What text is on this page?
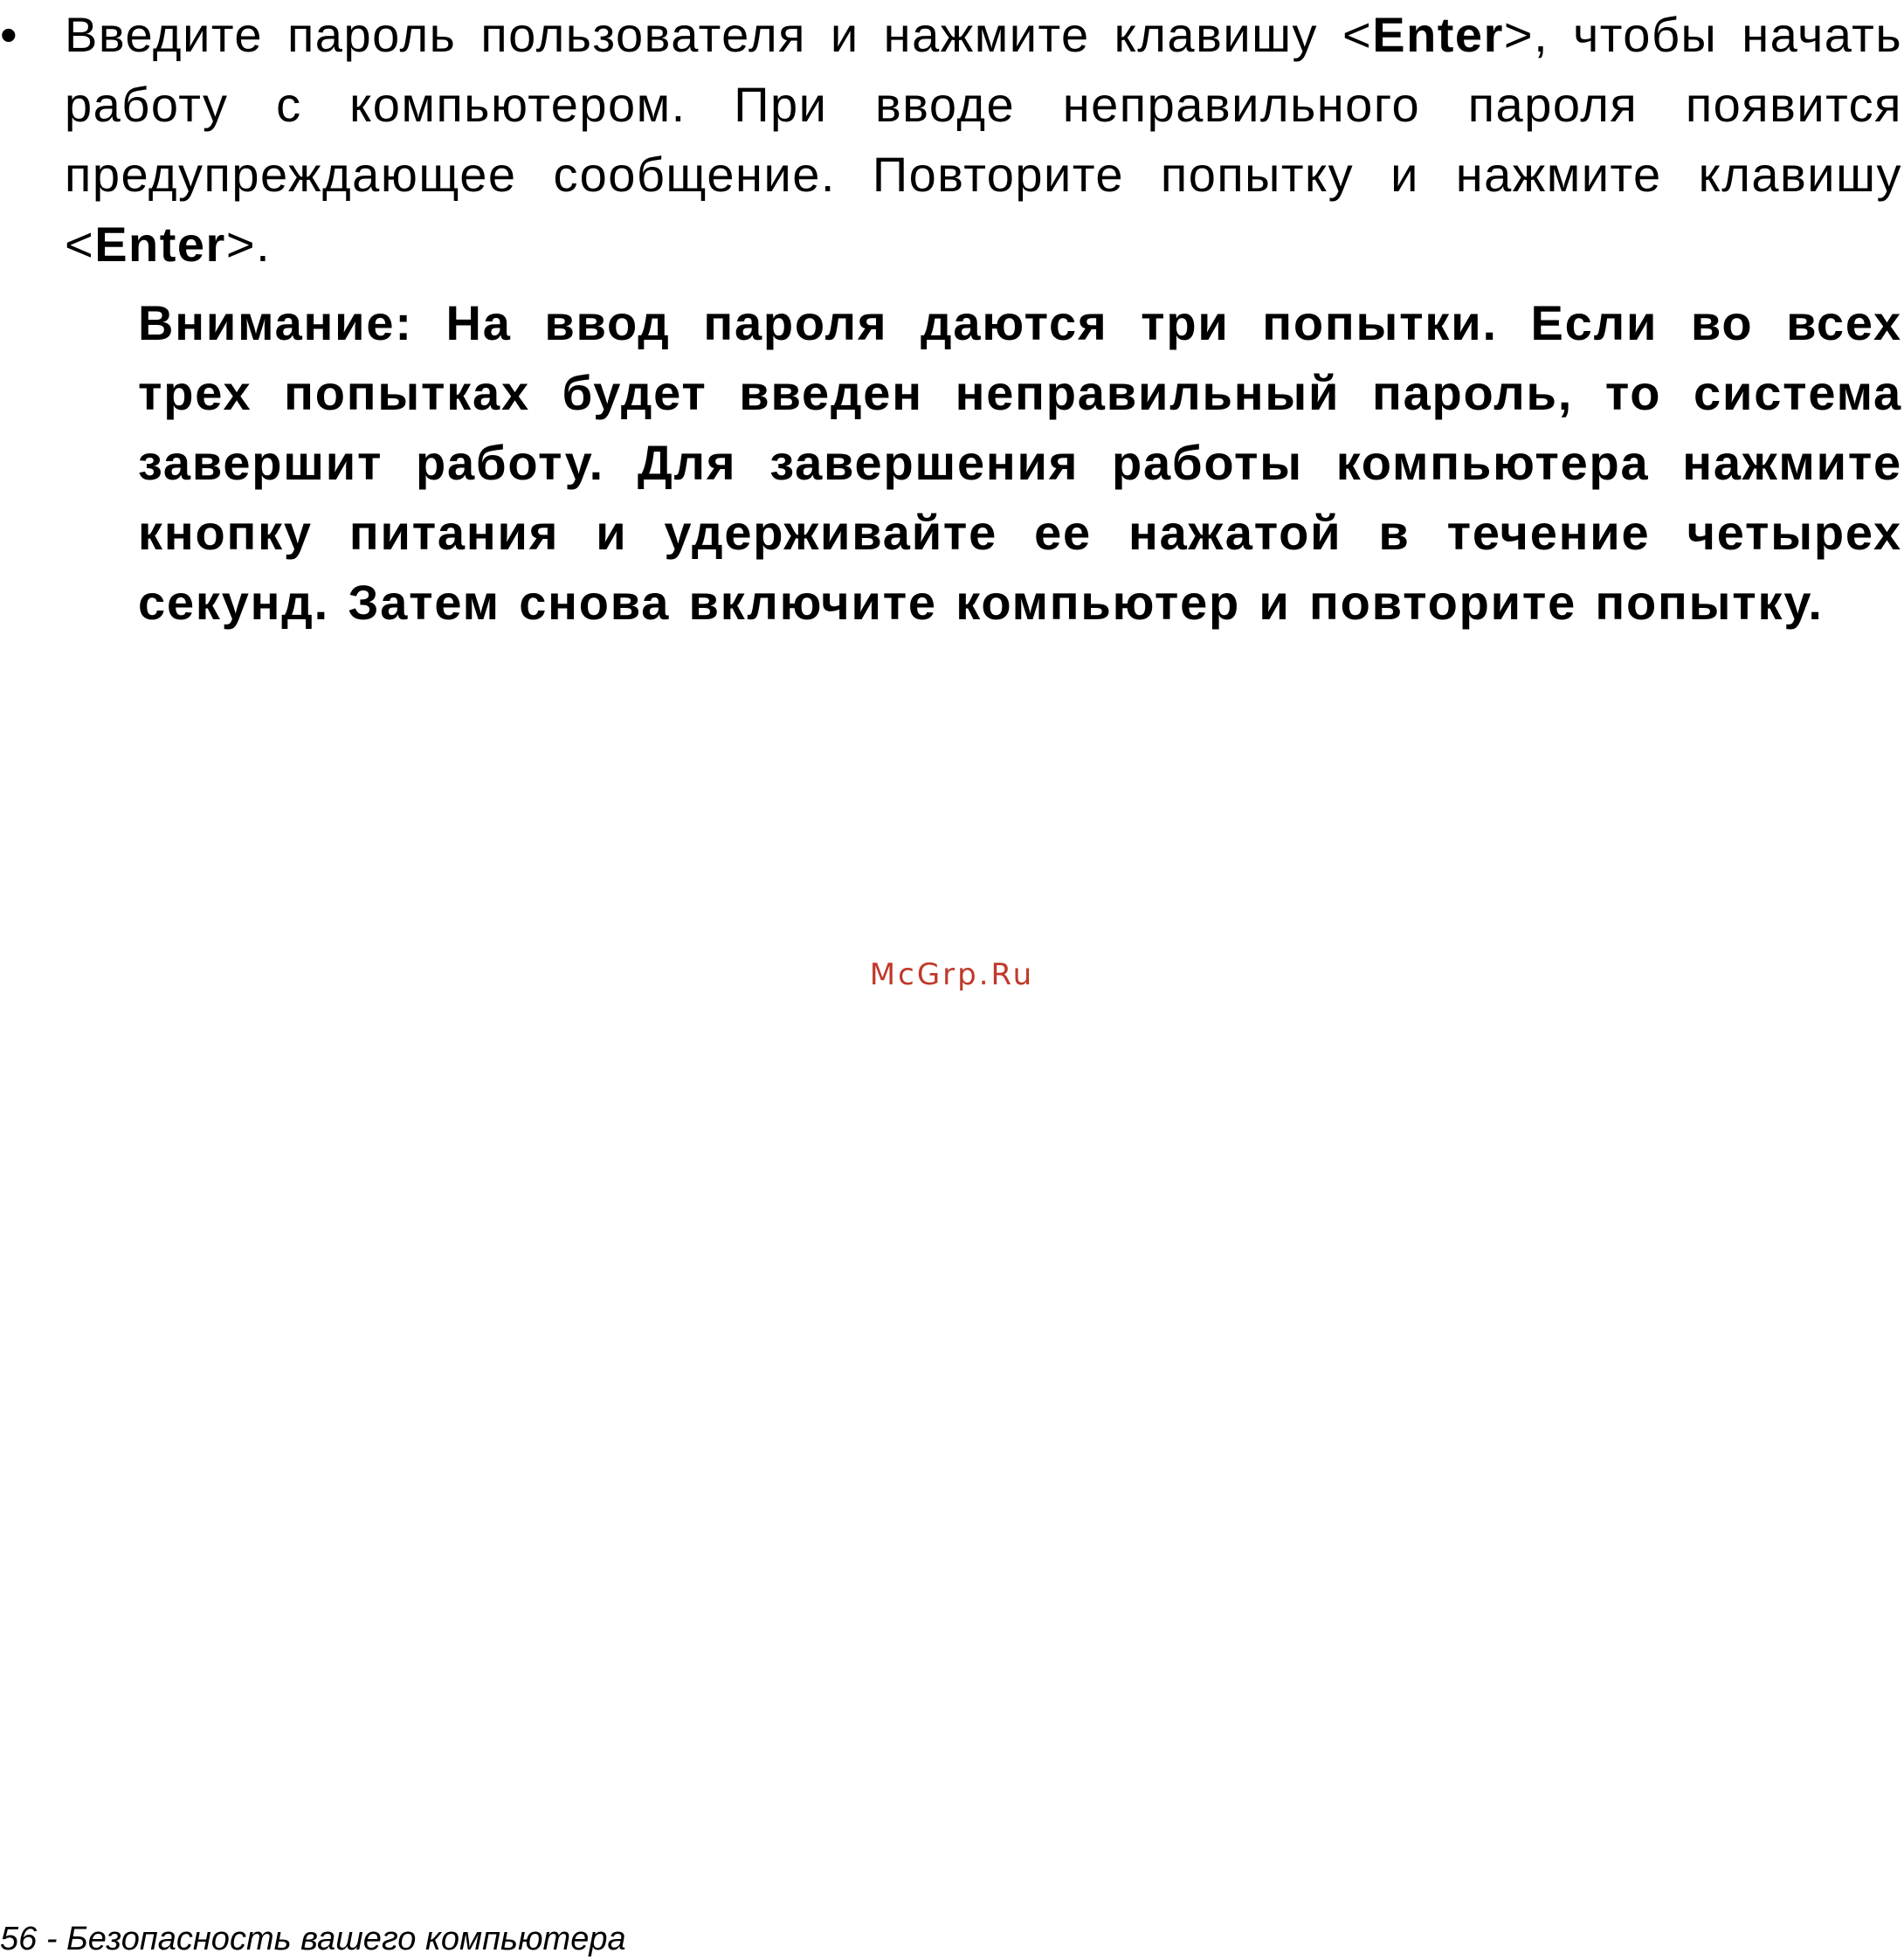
• Введите пароль пользователя и нажмите клавишу <Enter>, чтобы начать работу с компьютером. При вводе неправильного пароля появится предупреждающее сообщение. Повторите попытку и нажмите клавишу <Enter>.
Внимание: На ввод пароля даются три попытки. Если во всех трех попытках будет введен неправильный пароль, то система завершит работу. Для завершения работы компьютера нажмите кнопку питания и удерживайте ее нажатой в течение четырех секунд. Затем снова включите компьютер и повторите попытку.
McGrp.Ru
56 - Безопасность вашего компьютера
